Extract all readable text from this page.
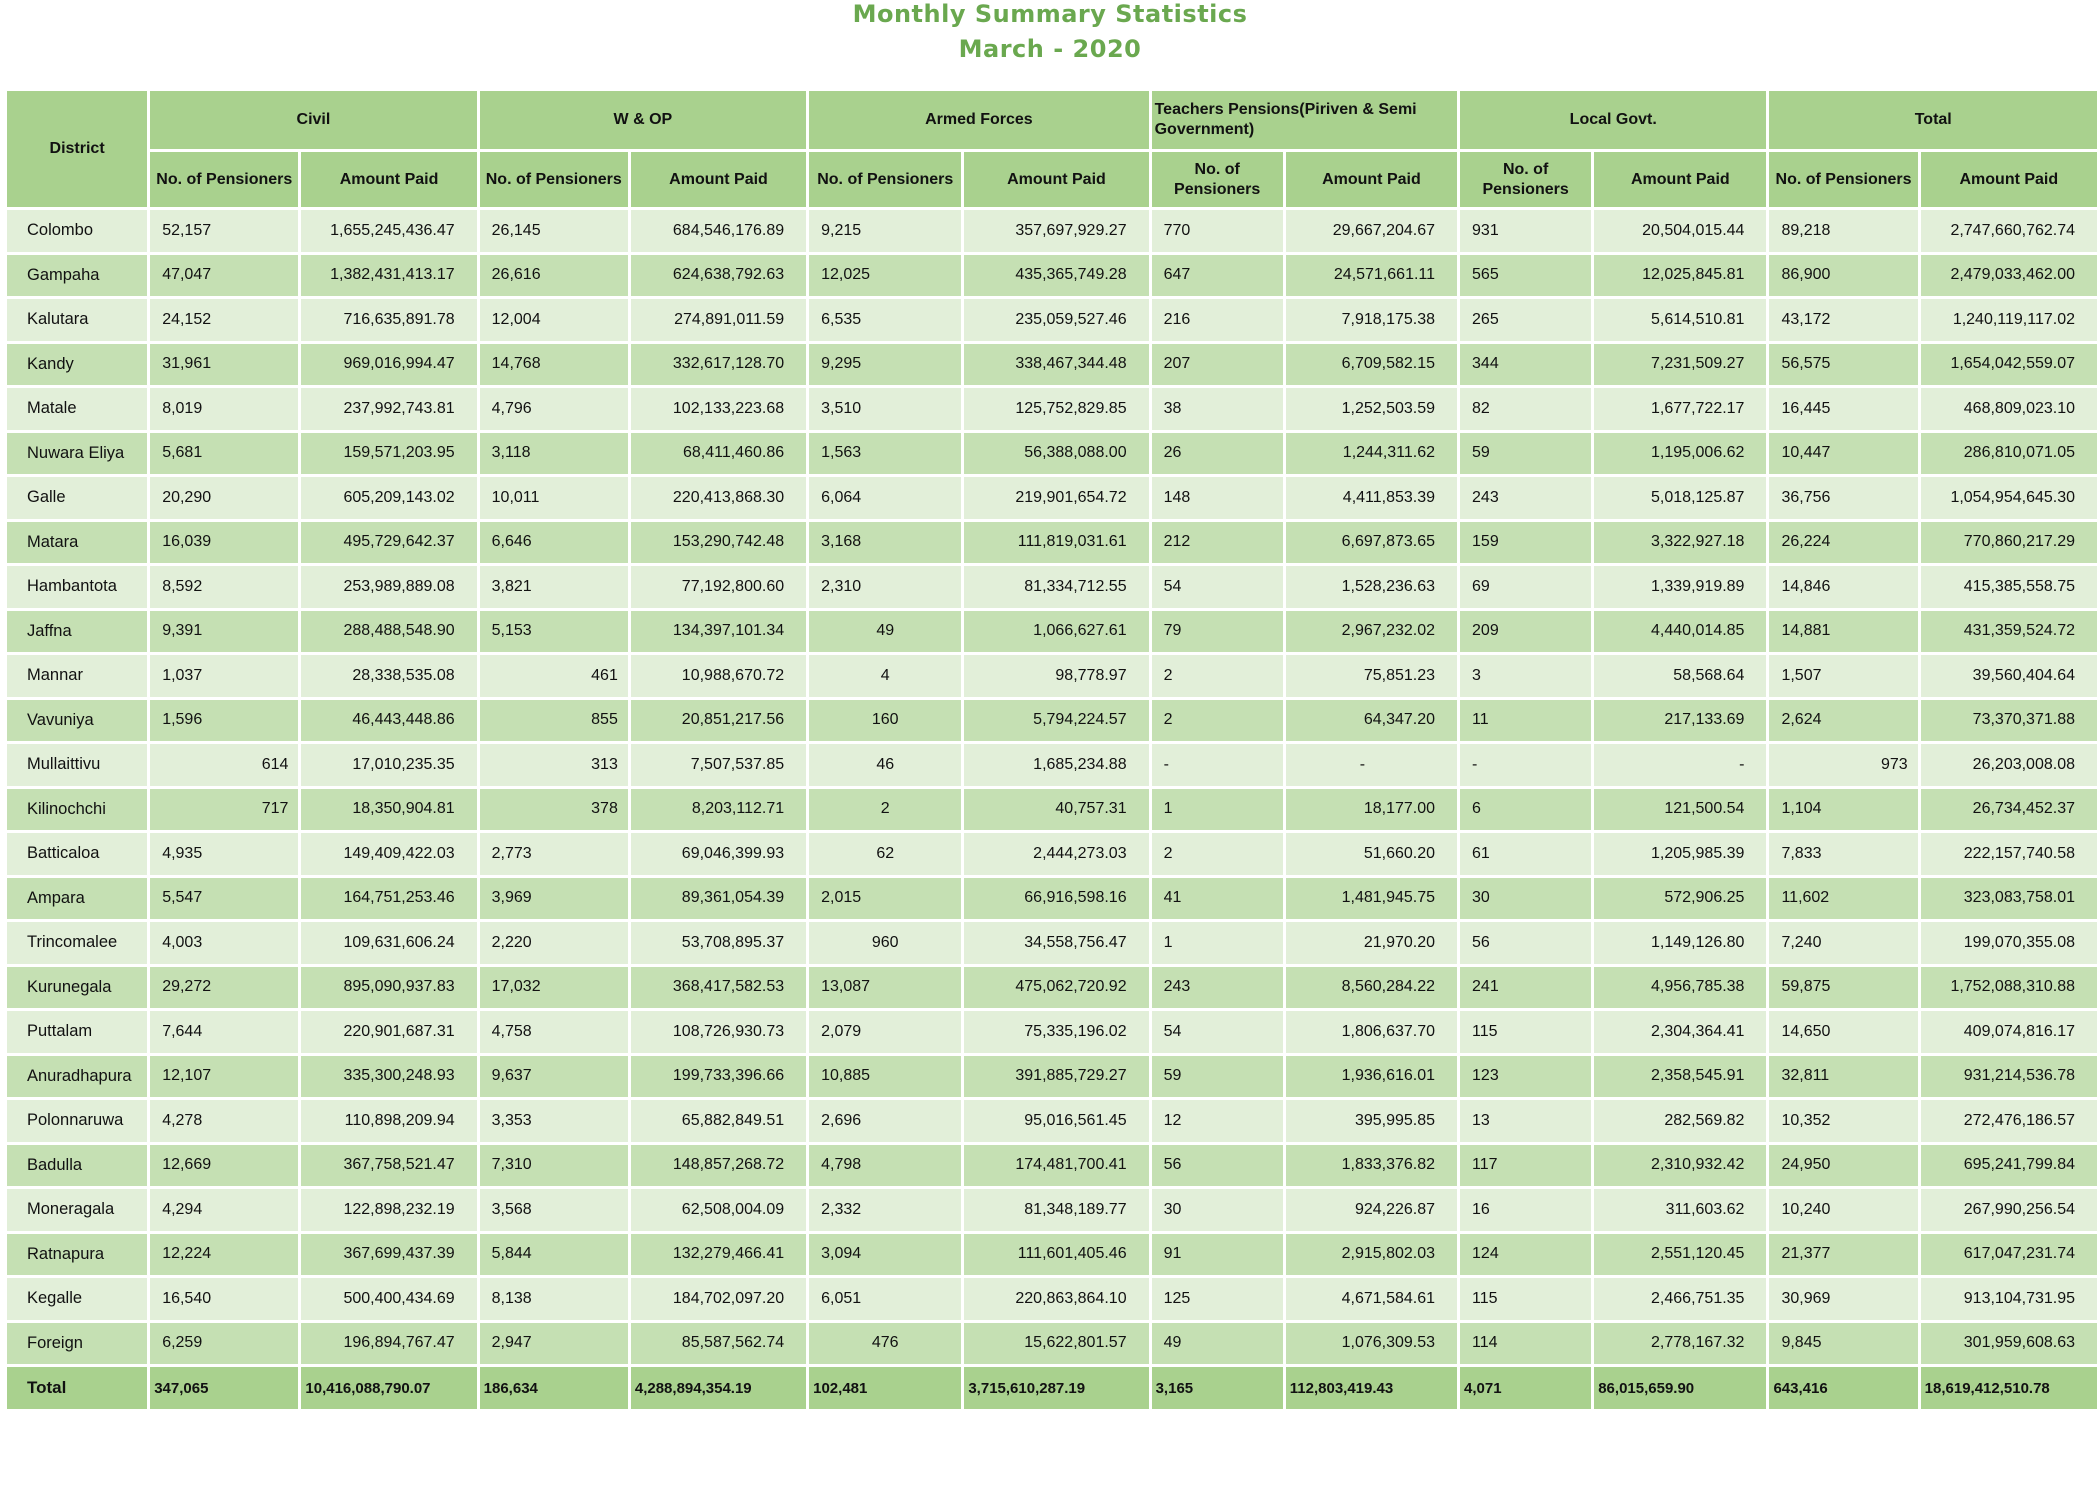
Monthly Summary Statistics
March - 2020
District	Civil		W & OP		Armed Forces		Teachers Pensions(Piriven & Semi Government)		Local Govt.		Total	
	No. of Pensioners	Amount Paid	No. of Pensioners	Amount Paid	No. of Pensioners	Amount Paid	No. of Pensioners	Amount Paid	No. of Pensioners	Amount Paid	No. of Pensioners	Amount Paid
Colombo	52,157	1,655,245,436.47	26,145	684,546,176.89	9,215	357,697,929.27	770	29,667,204.67	931	20,504,015.44	89,218	2,747,660,762.74
Gampaha	47,047	1,382,431,413.17	26,616	624,638,792.63	12,025	435,365,749.28	647	24,571,661.11	565	12,025,845.81	86,900	2,479,033,462.00
Kalutara	24,152	716,635,891.78	12,004	274,891,011.59	6,535	235,059,527.46	216	7,918,175.38	265	5,614,510.81	43,172	1,240,119,117.02
Kandy	31,961	969,016,994.47	14,768	332,617,128.70	9,295	338,467,344.48	207	6,709,582.15	344	7,231,509.27	56,575	1,654,042,559.07
Matale	8,019	237,992,743.81	4,796	102,133,223.68	3,510	125,752,829.85	38	1,252,503.59	82	1,677,722.17	16,445	468,809,023.10
Nuwara Eliya	5,681	159,571,203.95	3,118	68,411,460.86	1,563	56,388,088.00	26	1,244,311.62	59	1,195,006.62	10,447	286,810,071.05
Galle	20,290	605,209,143.02	10,011	220,413,868.30	6,064	219,901,654.72	148	4,411,853.39	243	5,018,125.87	36,756	1,054,954,645.30
Matara	16,039	495,729,642.37	6,646	153,290,742.48	3,168	111,819,031.61	212	6,697,873.65	159	3,322,927.18	26,224	770,860,217.29
Hambantota	8,592	253,989,889.08	3,821	77,192,800.60	2,310	81,334,712.55	54	1,528,236.63	69	1,339,919.89	14,846	415,385,558.75
Jaffna	9,391	288,488,548.90	5,153	134,397,101.34	49	1,066,627.61	79	2,967,232.02	209	4,440,014.85	14,881	431,359,524.72
Mannar	1,037	28,338,535.08	461	10,988,670.72	4	98,778.97	2	75,851.23	3	58,568.64	1,507	39,560,404.64
Vavuniya	1,596	46,443,448.86	855	20,851,217.56	160	5,794,224.57	2	64,347.20	11	217,133.69	2,624	73,370,371.88
Mullaittivu	614	17,010,235.35	313	7,507,537.85	46	1,685,234.88	-	-	-	-	973	26,203,008.08
Kilinochchi	717	18,350,904.81	378	8,203,112.71	2	40,757.31	1	18,177.00	6	121,500.54	1,104	26,734,452.37
Batticaloa	4,935	149,409,422.03	2,773	69,046,399.93	62	2,444,273.03	2	51,660.20	61	1,205,985.39	7,833	222,157,740.58
Ampara	5,547	164,751,253.46	3,969	89,361,054.39	2,015	66,916,598.16	41	1,481,945.75	30	572,906.25	11,602	323,083,758.01
Trincomalee	4,003	109,631,606.24	2,220	53,708,895.37	960	34,558,756.47	1	21,970.20	56	1,149,126.80	7,240	199,070,355.08
Kurunegala	29,272	895,090,937.83	17,032	368,417,582.53	13,087	475,062,720.92	243	8,560,284.22	241	4,956,785.38	59,875	1,752,088,310.88
Puttalam	7,644	220,901,687.31	4,758	108,726,930.73	2,079	75,335,196.02	54	1,806,637.70	115	2,304,364.41	14,650	409,074,816.17
Anuradhapura	12,107	335,300,248.93	9,637	199,733,396.66	10,885	391,885,729.27	59	1,936,616.01	123	2,358,545.91	32,811	931,214,536.78
Polonnaruwa	4,278	110,898,209.94	3,353	65,882,849.51	2,696	95,016,561.45	12	395,995.85	13	282,569.82	10,352	272,476,186.57
Badulla	12,669	367,758,521.47	7,310	148,857,268.72	4,798	174,481,700.41	56	1,833,376.82	117	2,310,932.42	24,950	695,241,799.84
Moneragala	4,294	122,898,232.19	3,568	62,508,004.09	2,332	81,348,189.77	30	924,226.87	16	311,603.62	10,240	267,990,256.54
Ratnapura	12,224	367,699,437.39	5,844	132,279,466.41	3,094	111,601,405.46	91	2,915,802.03	124	2,551,120.45	21,377	617,047,231.74
Kegalle	16,540	500,400,434.69	8,138	184,702,097.20	6,051	220,863,864.10	125	4,671,584.61	115	2,466,751.35	30,969	913,104,731.95
Foreign	6,259	196,894,767.47	2,947	85,587,562.74	476	15,622,801.57	49	1,076,309.53	114	2,778,167.32	9,845	301,959,608.63
Total	347,065	10,416,088,790.07	186,634	4,288,894,354.19	102,481	3,715,610,287.19	3,165	112,803,419.43	4,071	86,015,659.90	643,416	18,619,412,510.78
